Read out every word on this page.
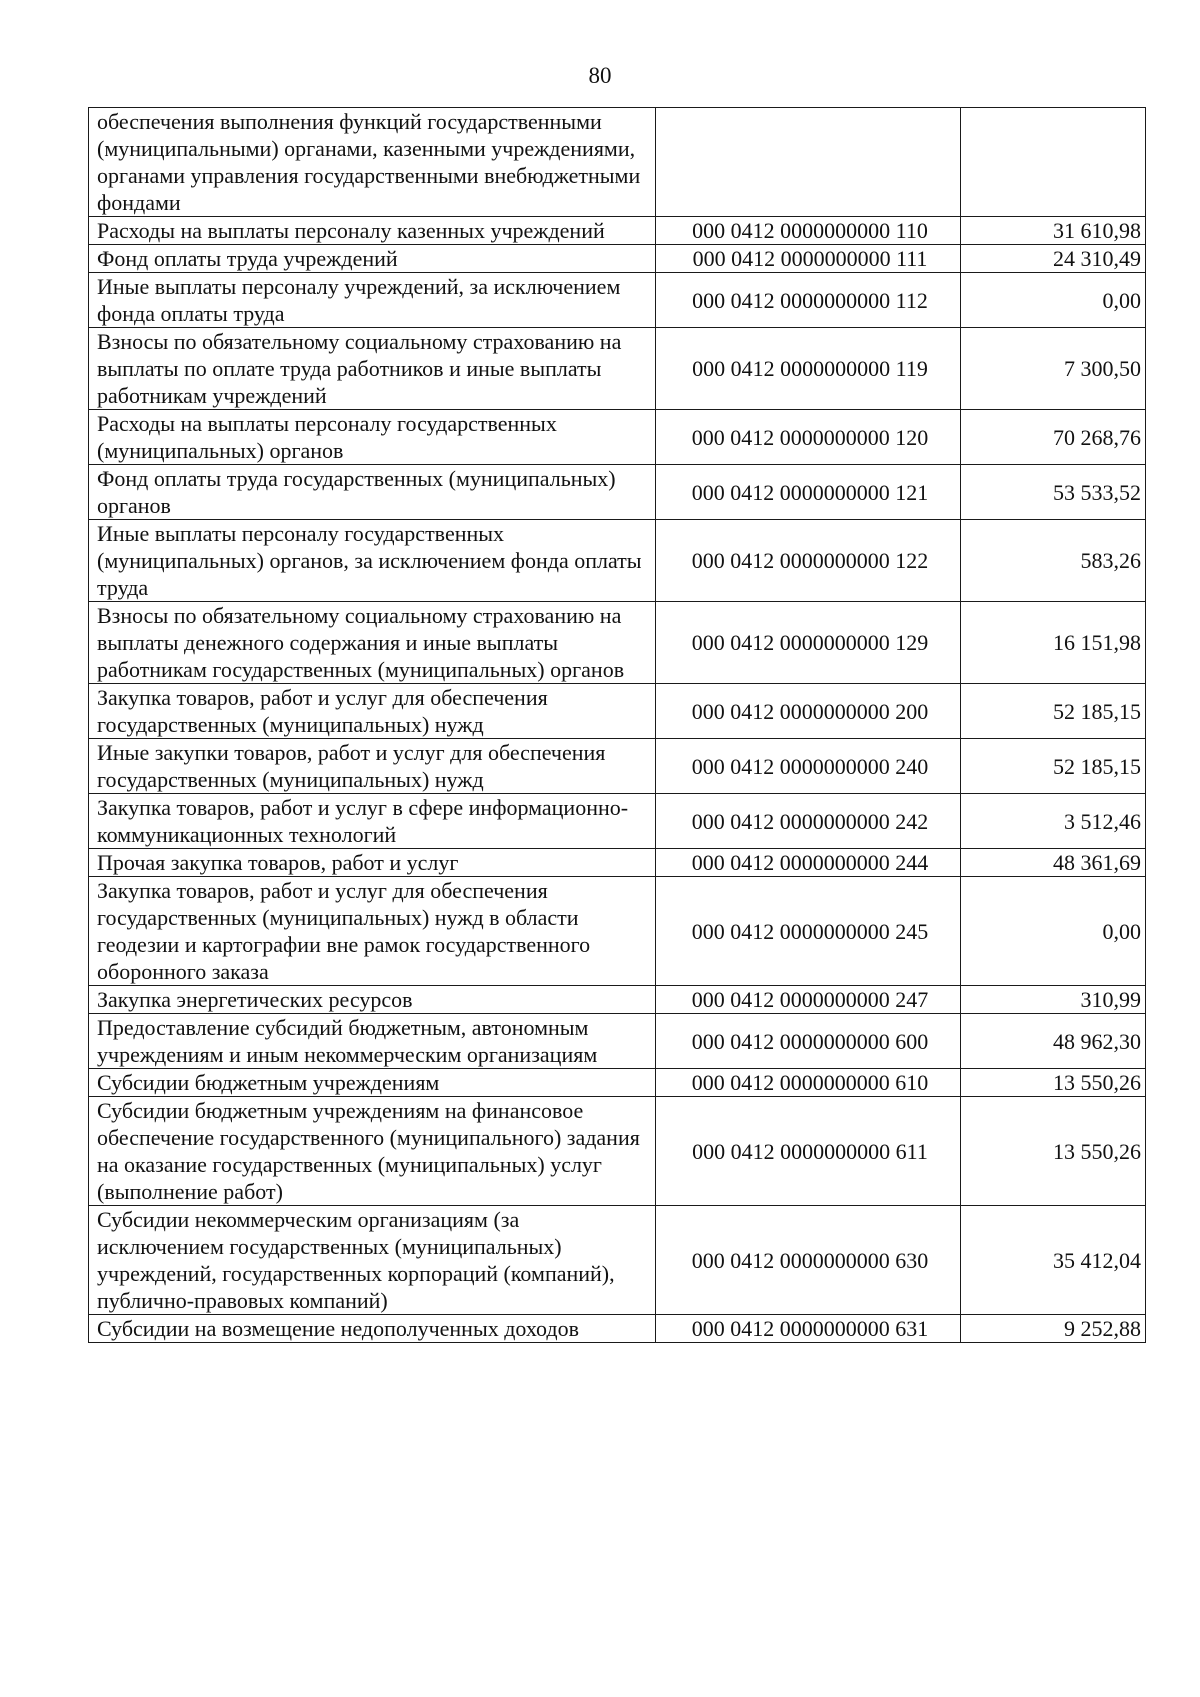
80
обеспечения выполнения функций государственными (муниципальными) органами, казенными учреждениями, органами управления государственными внебюджетными фондами		
Расходы на выплаты персоналу казенных учреждений	000 0412 0000000000 110	31 610,98
Фонд оплаты труда учреждений	000 0412 0000000000 111	24 310,49
Иные выплаты персоналу учреждений, за исключением фонда оплаты труда	000 0412 0000000000 112	0,00
Взносы по обязательному социальному страхованию на выплаты по оплате труда работников и иные выплаты работникам учреждений	000 0412 0000000000 119	7 300,50
Расходы на выплаты персоналу государственных (муниципальных) органов	000 0412 0000000000 120	70 268,76
Фонд оплаты труда государственных (муниципальных) органов	000 0412 0000000000 121	53 533,52
Иные выплаты персоналу государственных (муниципальных) органов, за исключением фонда оплаты труда	000 0412 0000000000 122	583,26
Взносы по обязательному социальному страхованию на выплаты денежного содержания и иные выплаты работникам государственных (муниципальных) органов	000 0412 0000000000 129	16 151,98
Закупка товаров, работ и услуг для обеспечения государственных (муниципальных) нужд	000 0412 0000000000 200	52 185,15
Иные закупки товаров, работ и услуг для обеспечения государственных (муниципальных) нужд	000 0412 0000000000 240	52 185,15
Закупка товаров, работ и услуг в сфере информационно-коммуникационных технологий	000 0412 0000000000 242	3 512,46
Прочая закупка товаров, работ и услуг	000 0412 0000000000 244	48 361,69
Закупка товаров, работ и услуг для обеспечения государственных (муниципальных) нужд в области геодезии и картографии вне рамок государственного оборонного заказа	000 0412 0000000000 245	0,00
Закупка энергетических ресурсов	000 0412 0000000000 247	310,99
Предоставление субсидий бюджетным, автономным учреждениям и иным некоммерческим организациям	000 0412 0000000000 600	48 962,30
Субсидии бюджетным учреждениям	000 0412 0000000000 610	13 550,26
Субсидии бюджетным учреждениям на финансовое обеспечение государственного (муниципального) задания на оказание государственных (муниципальных) услуг (выполнение работ)	000 0412 0000000000 611	13 550,26
Субсидии некоммерческим организациям (за исключением государственных (муниципальных) учреждений, государственных корпораций (компаний), публично-правовых компаний)	000 0412 0000000000 630	35 412,04
Субсидии на возмещение недополученных доходов	000 0412 0000000000 631	9 252,88
